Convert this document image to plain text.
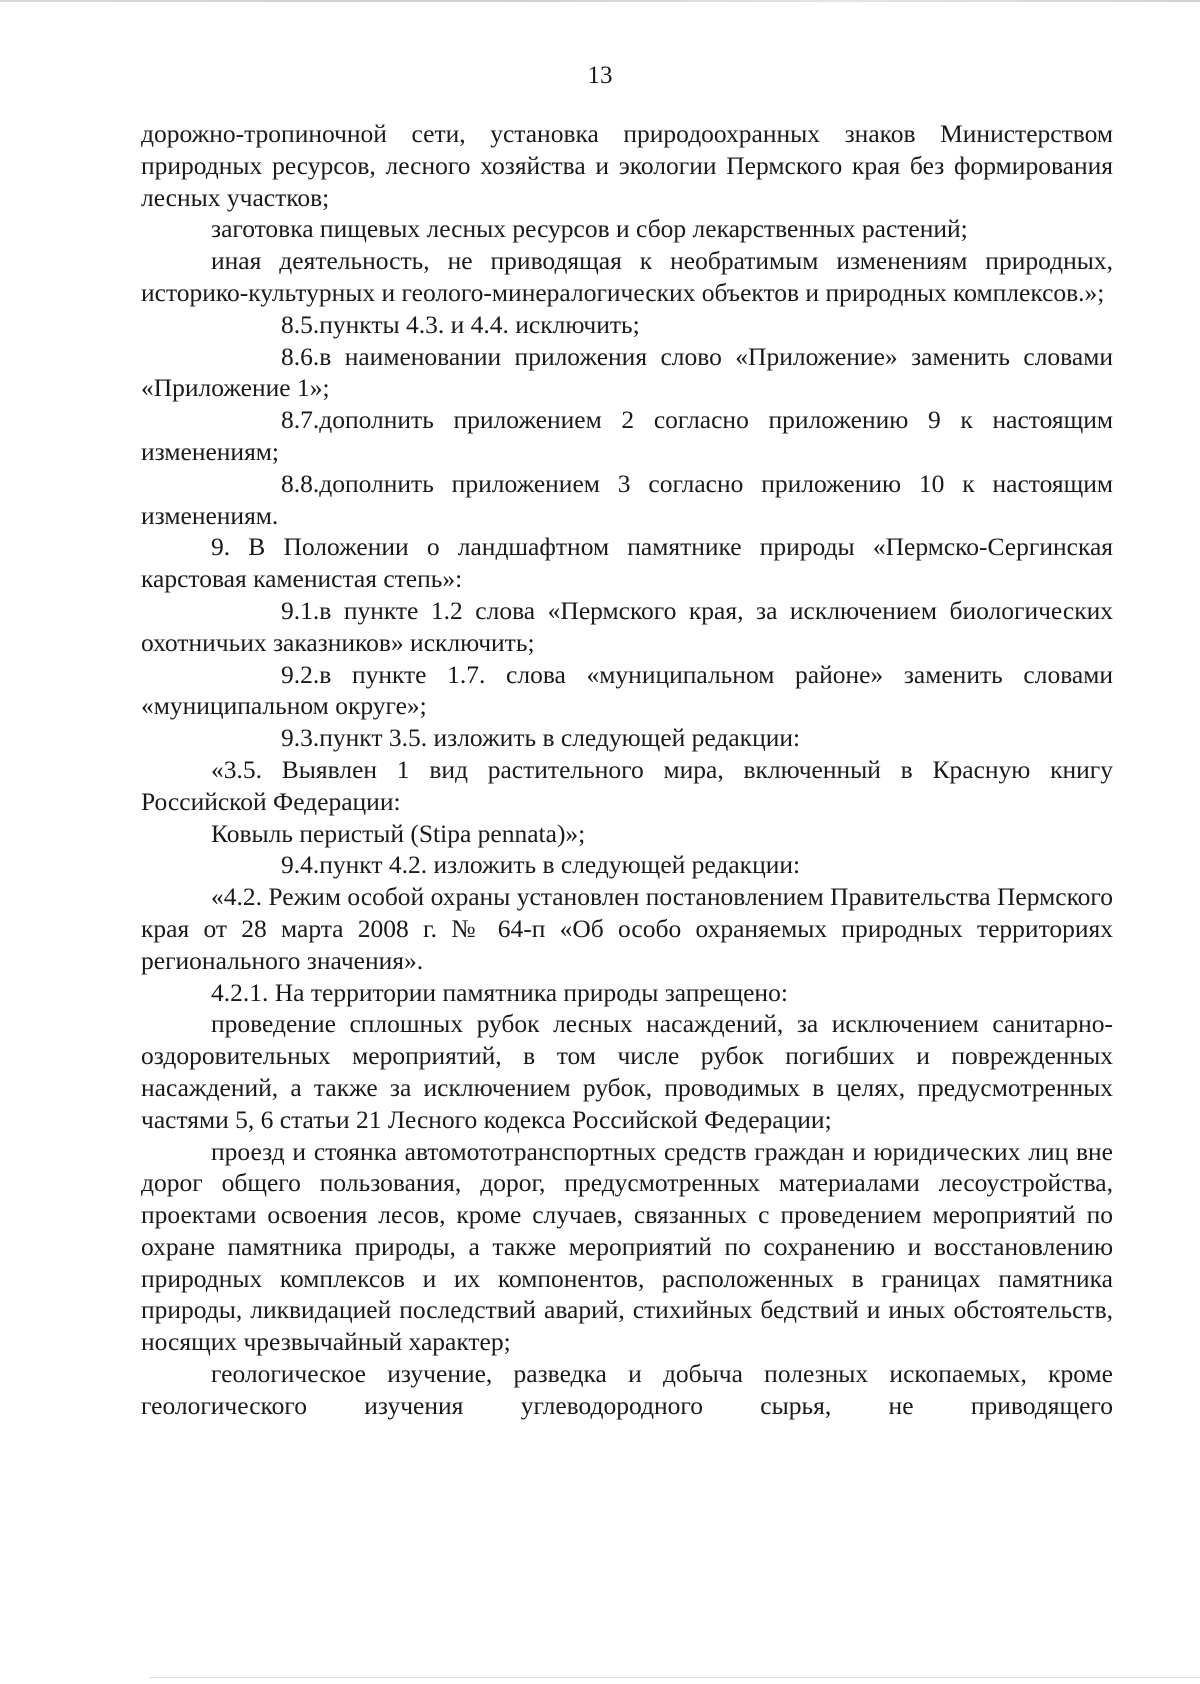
13

дорожно-тропиночной сети, установка природоохранных знаков Министерством природных ресурсов, лесного хозяйства и экологии Пермского края без формирования лесных участков;

заготовка пищевых лесных ресурсов и сбор лекарственных растений;

иная деятельность, не приводящая к необратимым изменениям природных, историко-культурных и геолого-минералогических объектов и природных комплексов.»;

8.5.пункты 4.3. и 4.4. исключить;

8.6.в наименовании приложения слово «Приложение» заменить словами «Приложение 1»;

8.7.дополнить приложением 2 согласно приложению 9 к настоящим изменениям;

8.8.дополнить приложением 3 согласно приложению 10 к настоящим изменениям.

9. В Положении о ландшафтном памятнике природы «Пермско-Сергинская карстовая каменистая степь»:

9.1.в пункте 1.2 слова «Пермского края, за исключением биологических охотничьих заказников» исключить;

9.2.в пункте 1.7. слова «муниципальном районе» заменить словами «муниципальном округе»;

9.3.пункт 3.5. изложить в следующей редакции:

«3.5. Выявлен 1 вид растительного мира, включенный в Красную книгу Российской Федерации:

Ковыль перистый (Stipa pennata)»;

9.4.пункт 4.2. изложить в следующей редакции:

«4.2. Режим особой охраны установлен постановлением Правительства Пермского края от 28 марта 2008 г. № 64-п «Об особо охраняемых природных территориях регионального значения».

4.2.1. На территории памятника природы запрещено:

проведение сплошных рубок лесных насаждений, за исключением санитарно-оздоровительных мероприятий, в том числе рубок погибших и поврежденных насаждений, а также за исключением рубок, проводимых в целях, предусмотренных частями 5, 6 статьи 21 Лесного кодекса Российской Федерации;

проезд и стоянка автомототранспортных средств граждан и юридических лиц вне дорог общего пользования, дорог, предусмотренных материалами лесоустройства, проектами освоения лесов, кроме случаев, связанных с проведением мероприятий по охране памятника природы, а также мероприятий по сохранению и восстановлению природных комплексов и их компонентов, расположенных в границах памятника природы, ликвидацией последствий аварий, стихийных бедствий и иных обстоятельств, носящих чрезвычайный характер;

геологическое изучение, разведка и добыча полезных ископаемых, кроме геологического изучения углеводородного сырья, не приводящего
